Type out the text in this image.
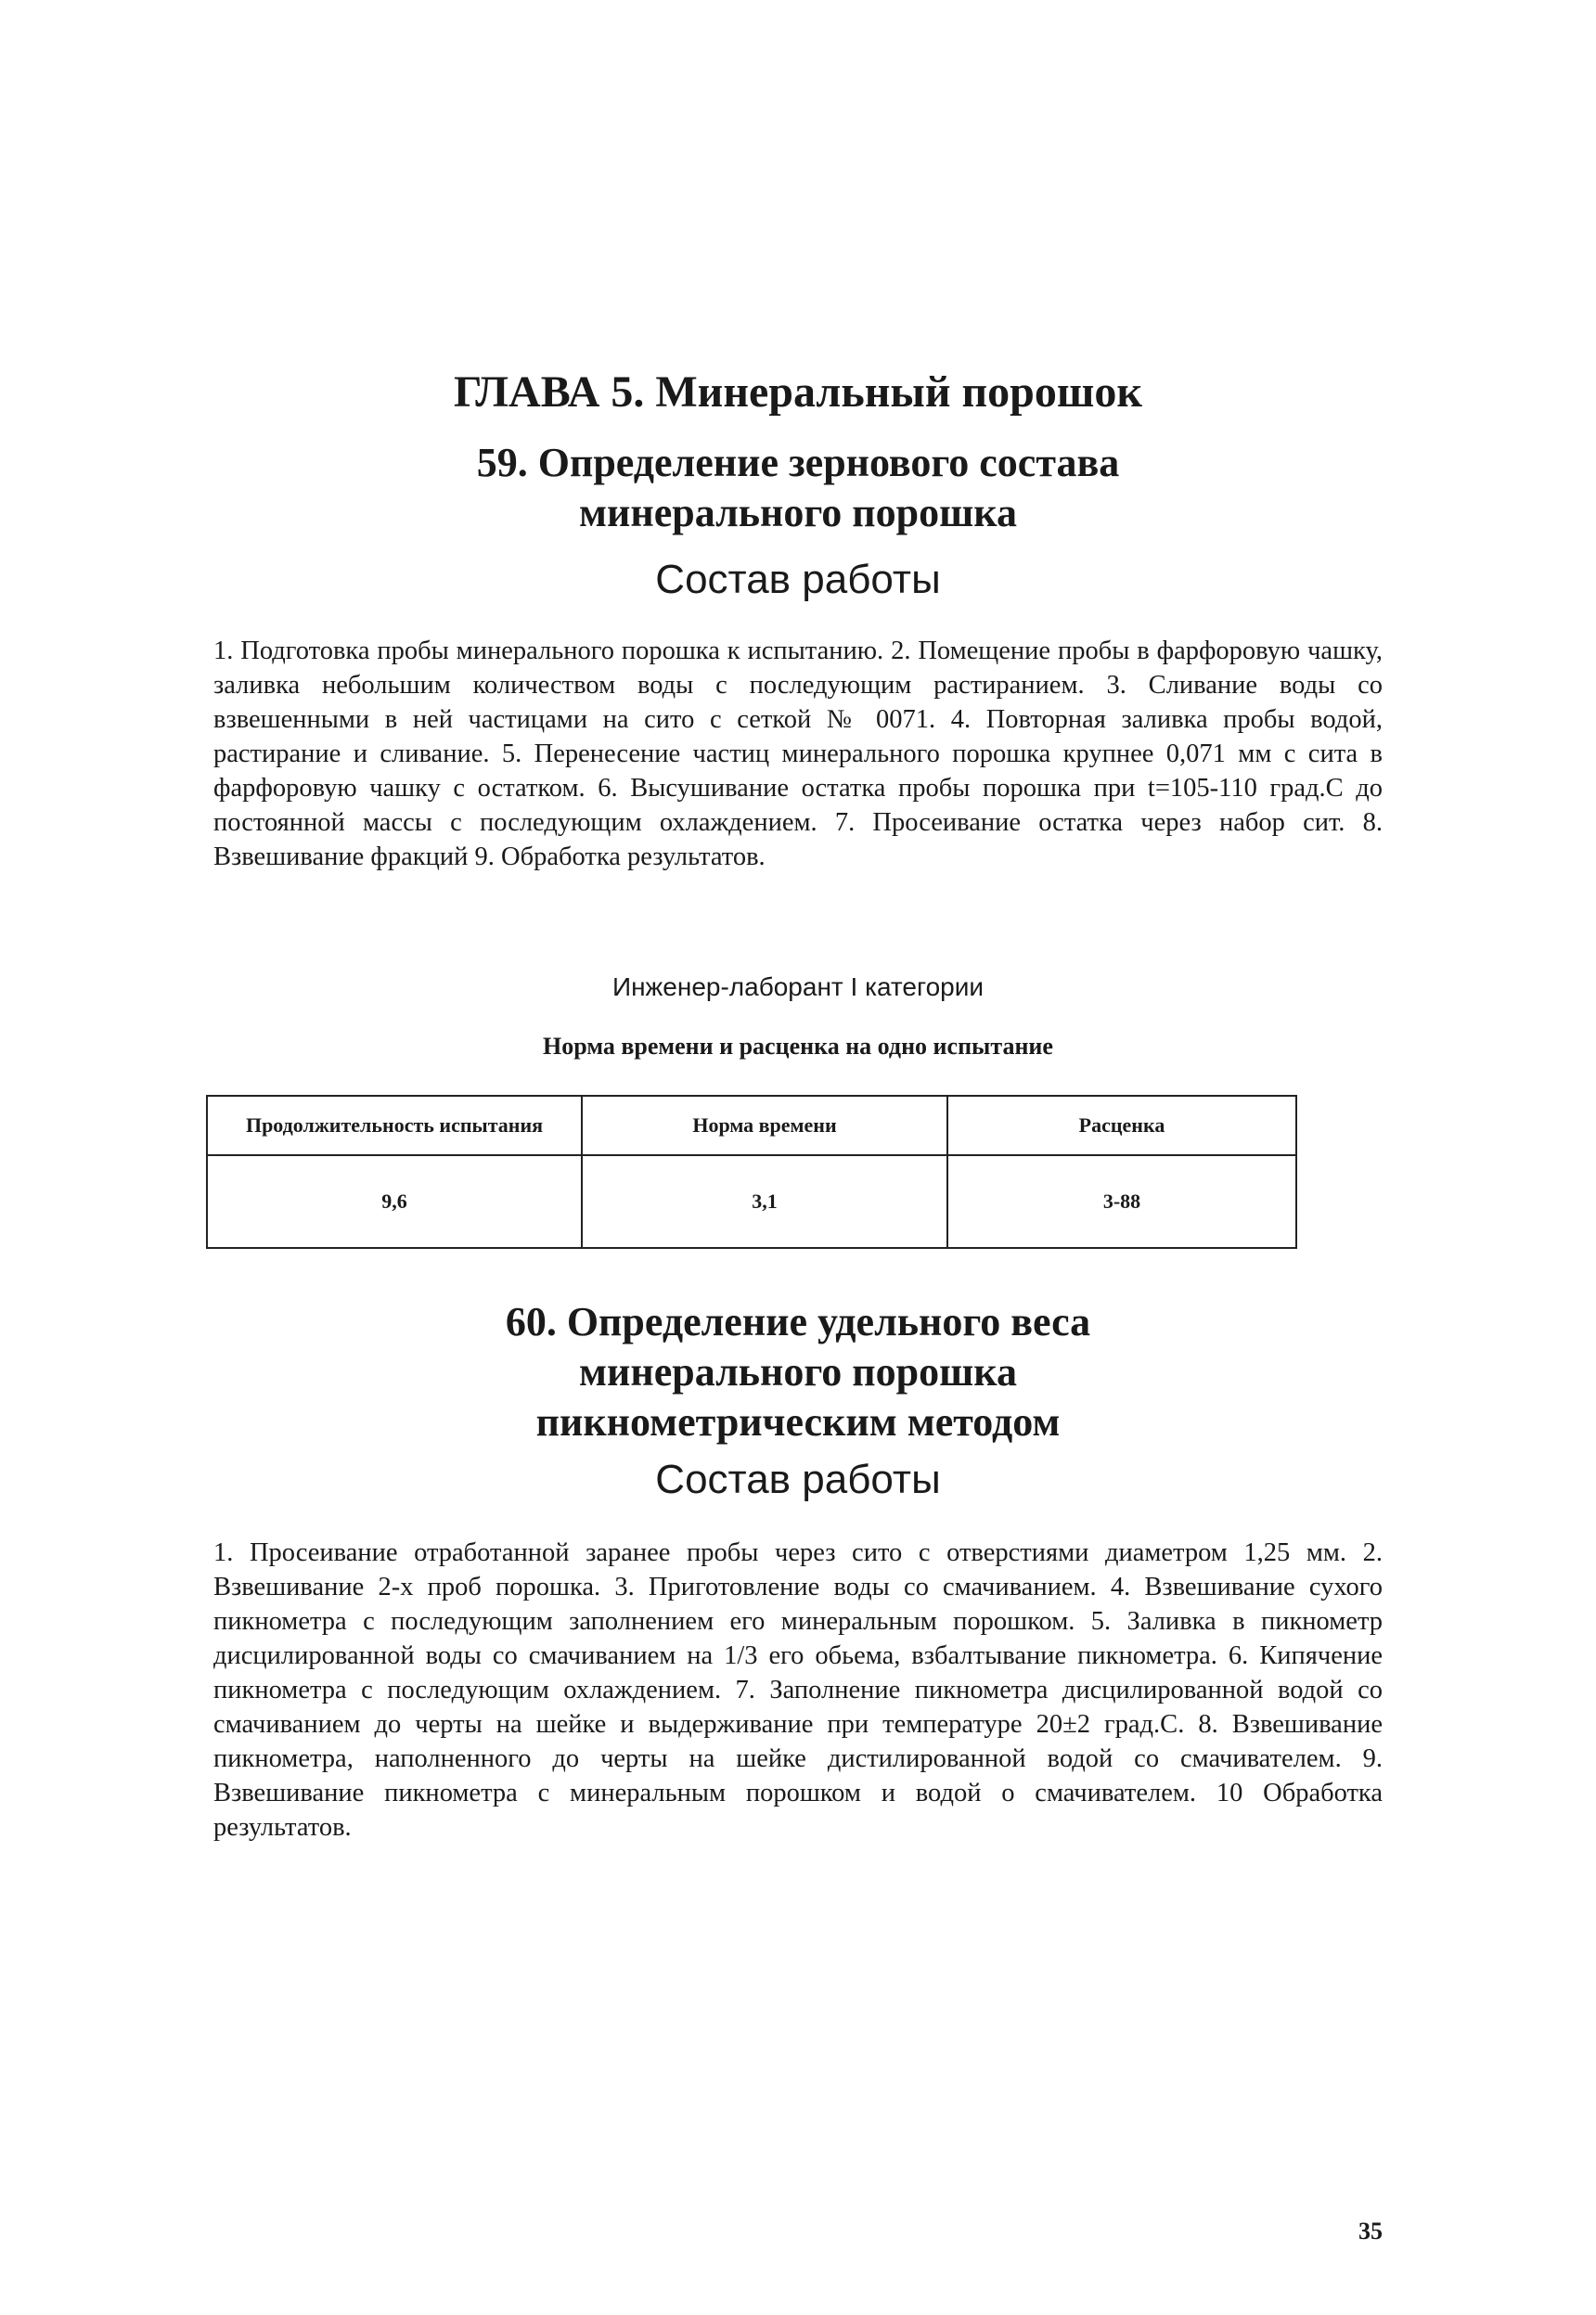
ГЛАВА 5. Минеральный порошок
59. Определение зернового состава
минерального порошка
Состав работы
1. Подготовка пробы минерального порошка к испытанию. 2. Помещение пробы в фарфоровую чашку, заливка небольшим количеством воды с последующим растиранием. 3. Сливание воды со взвешенными в ней частицами на сито с сеткой № 0071. 4. Повторная заливка пробы водой, растирание и сливание. 5. Перенесение частиц минерального порошка крупнее 0,071 мм с сита в фарфоровую чашку с остатком. 6. Высушивание остатка пробы порошка при t=105-110 град.С до постоянной массы с последующим охлаждением. 7. Просеивание остатка через набор сит. 8. Взвешивание фракций 9. Обработка результатов.
Инженер-лаборант I категории
Норма времени и расценка на одно испытание
Продолжительность испытания	Норма времени	Расценка
9,6	3,1	3-88
60. Определение удельного веса
минерального порошка
пикнометрическим методом
Состав работы
1. Просеивание отработанной заранее пробы через сито с отверстиями диаметром 1,25 мм. 2. Взвешивание 2-х проб порошка. 3. Приготовление воды со смачиванием. 4. Взвешивание сухого пикнометра с последующим заполнением его минеральным порошком. 5. Заливка в пикнометр дисцилированной воды со смачиванием на 1/3 его обьема, взбалтывание пикнометра. 6. Кипячение пикнометра с последующим охлаждением. 7. Заполнение пикнометра дисцилированной водой со смачиванием до черты на шейке и выдерживание при температуре 20±2 град.С. 8. Взвешивание пикнометра, наполненного до черты на шейке дистилированной водой со смачивателем. 9. Взвешивание пикнометра с минеральным порошком и водой о смачивателем. 10 Обработка результатов.
35
